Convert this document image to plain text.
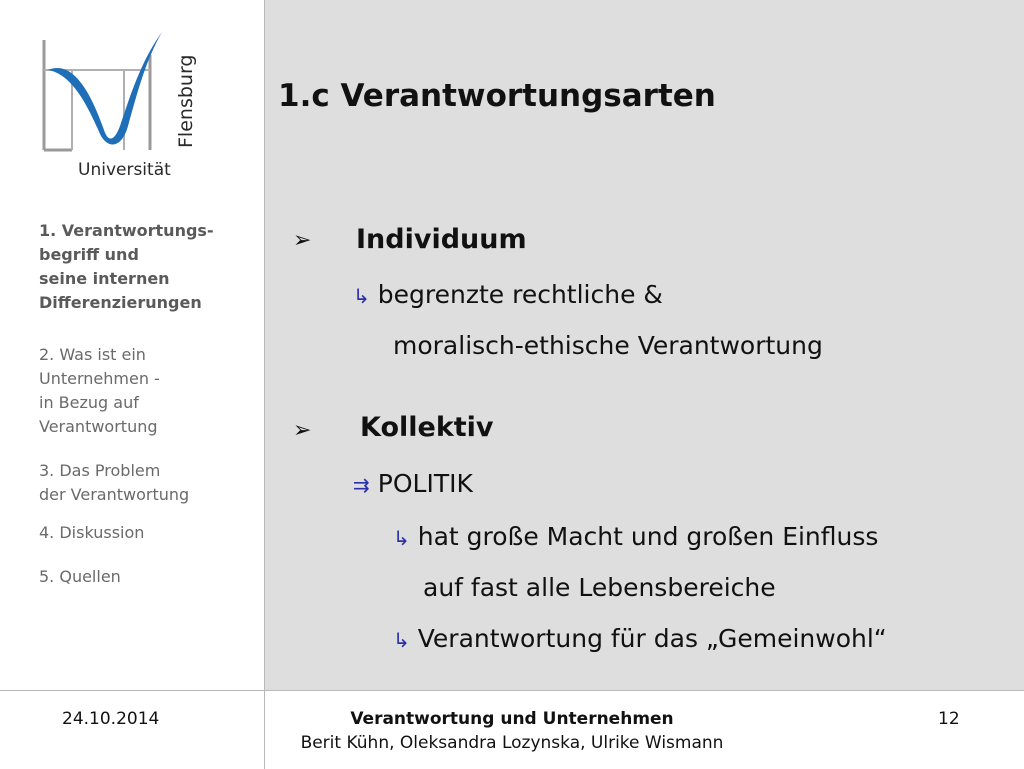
Flensburg
Universität
1. Verantwortungs-
begriff und
seine internen
Differenzierungen
2. Was ist ein
Unternehmen -
in Bezug auf
Verantwortung
3. Das Problem
der Verantwortung
4. Diskussion
5. Quellen
1.c Verantwortungsarten
➢ Individuum
↳ begrenzte rechtliche &
moralisch-ethische Verantwortung
➢ Kollektiv
⇉ POLITIK
↳ hat große Macht und großen Einfluss
auf fast alle Lebensbereiche
↳ Verantwortung für das „Gemeinwohl“
24.10.2014	Verantwortung und Unternehmen
Berit Kühn, Oleksandra Lozynska, Ulrike Wismann
12
